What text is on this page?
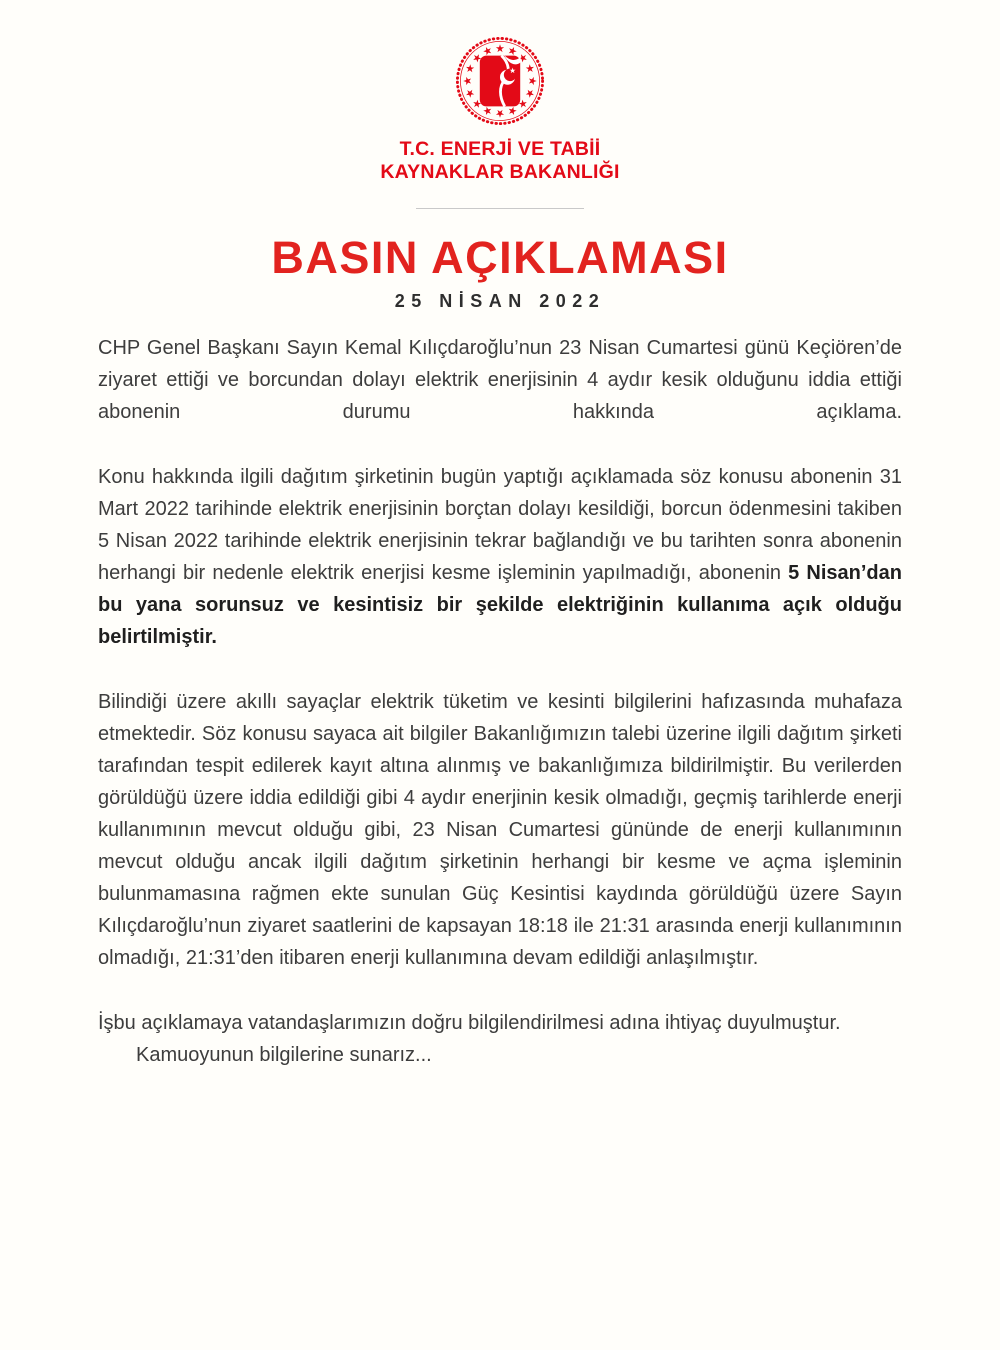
T.C. ENERJİ VE TABİİ
KAYNAKLAR BAKANLIĞI
BASIN AÇIKLAMASI
25 NİSAN 2022

CHP Genel Başkanı Sayın Kemal Kılıçdaroğlu’nun 23 Nisan Cumartesi günü Keçiören’de ziyaret ettiği ve borcundan dolayı elektrik enerjisinin 4 aydır kesik olduğunu iddia ettiği abonenin durumu hakkında açıklama.

Konu hakkında ilgili dağıtım şirketinin bugün yaptığı açıklamada söz konusu abonenin 31 Mart 2022 tarihinde elektrik enerjisinin borçtan dolayı kesildiği, borcun ödenmesini takiben 5 Nisan 2022 tarihinde elektrik enerjisinin tekrar bağlandığı ve bu tarihten sonra abonenin herhangi bir nedenle elektrik enerjisi kesme işleminin yapılmadığı, abonenin 5 Nisan’dan bu yana sorunsuz ve kesintisiz bir şekilde elektriğinin kullanıma açık olduğu belirtilmiştir.

Bilindiği üzere akıllı sayaçlar elektrik tüketim ve kesinti bilgilerini hafızasında muhafaza etmektedir. Söz konusu sayaca ait bilgiler Bakanlığımızın talebi üzerine ilgili dağıtım şirketi tarafından tespit edilerek kayıt altına alınmış ve bakanlığımıza bildirilmiştir. Bu verilerden görüldüğü üzere iddia edildiği gibi 4 aydır enerjinin kesik olmadığı, geçmiş tarihlerde enerji kullanımının mevcut olduğu gibi, 23 Nisan Cumartesi gününde de enerji kullanımının mevcut olduğu ancak ilgili dağıtım şirketinin herhangi bir kesme ve açma işleminin bulunmamasına rağmen ekte sunulan Güç Kesintisi kaydında görüldüğü üzere Sayın Kılıçdaroğlu’nun ziyaret saatlerini de kapsayan 18:18 ile 21:31 arasında enerji kullanımının olmadığı, 21:31’den itibaren enerji kullanımına devam edildiği anlaşılmıştır.

İşbu açıklamaya vatandaşlarımızın doğru bilgilendirilmesi adına ihtiyaç duyulmuştur.

Kamuoyunun bilgilerine sunarız...
